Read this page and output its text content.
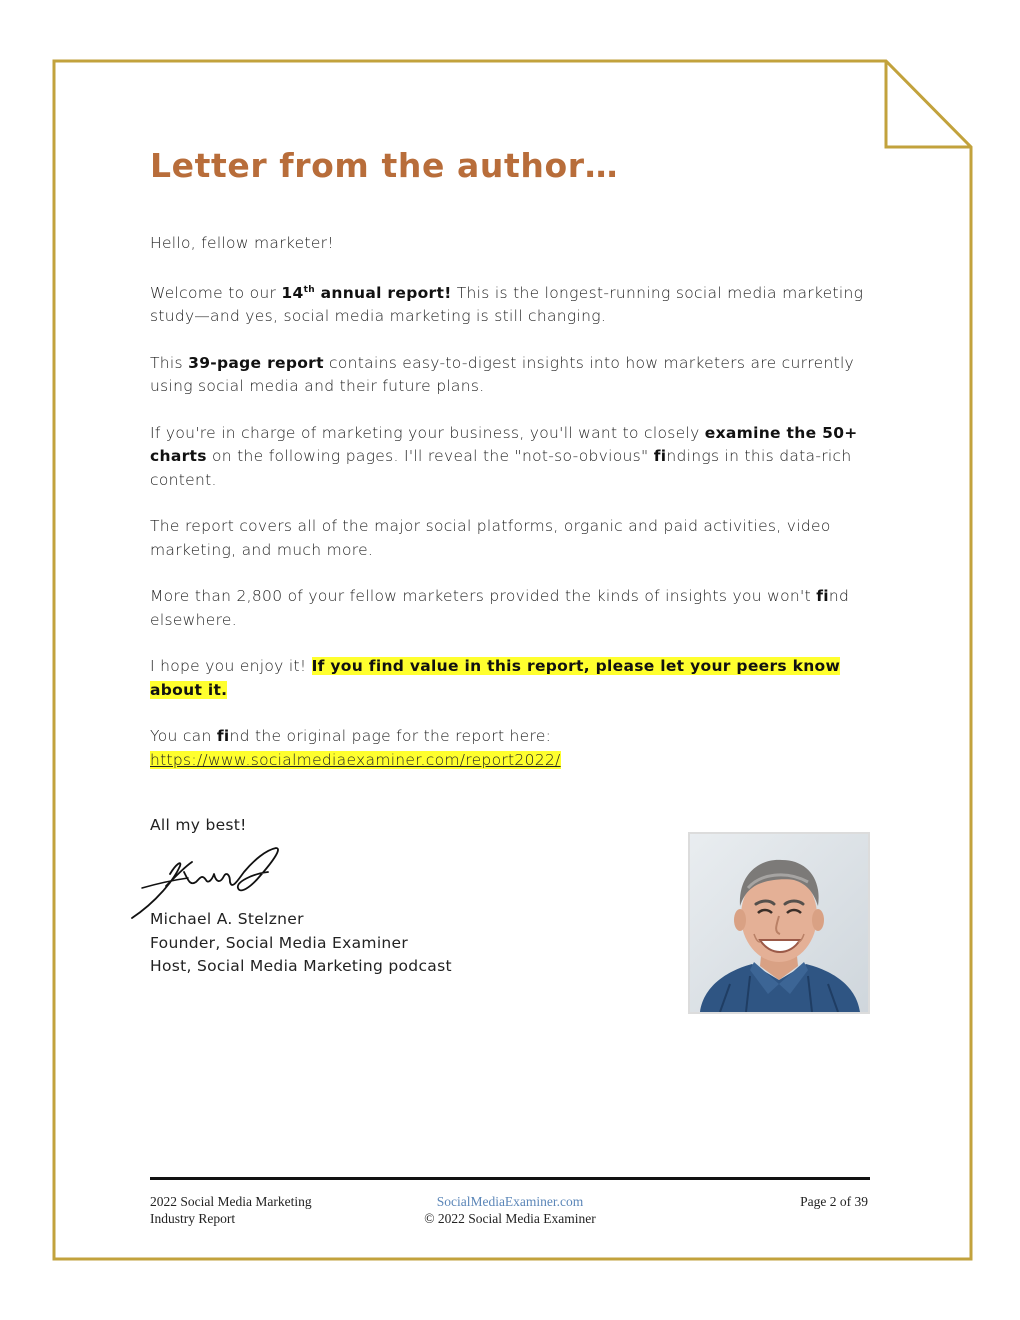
Letter from the author…

Hello, fellow marketer!

Welcome to our 14th annual report! This is the longest-running social media marketing study—and yes, social media marketing is still changing.

This 39-page report contains easy-to-digest insights into how marketers are currently using social media and their future plans.

If you're in charge of marketing your business, you'll want to closely examine the 50+ charts on the following pages. I'll reveal the "not-so-obvious" findings in this data-rich content.

The report covers all of the major social platforms, organic and paid activities, video marketing, and much more.

More than 2,800 of your fellow marketers provided the kinds of insights you won't find elsewhere.

I hope you enjoy it! If you find value in this report, please let your peers know about it.

You can find the original page for the report here:
https://www.socialmediaexaminer.com/report2022/

All my best!
Michael A. Stelzner
Founder, Social Media Examiner
Host, Social Media Marketing podcast
2022 Social Media Marketing
Industry Report
SocialMediaExaminer.com
© 2022 Social Media Examiner
Page 2 of 39
